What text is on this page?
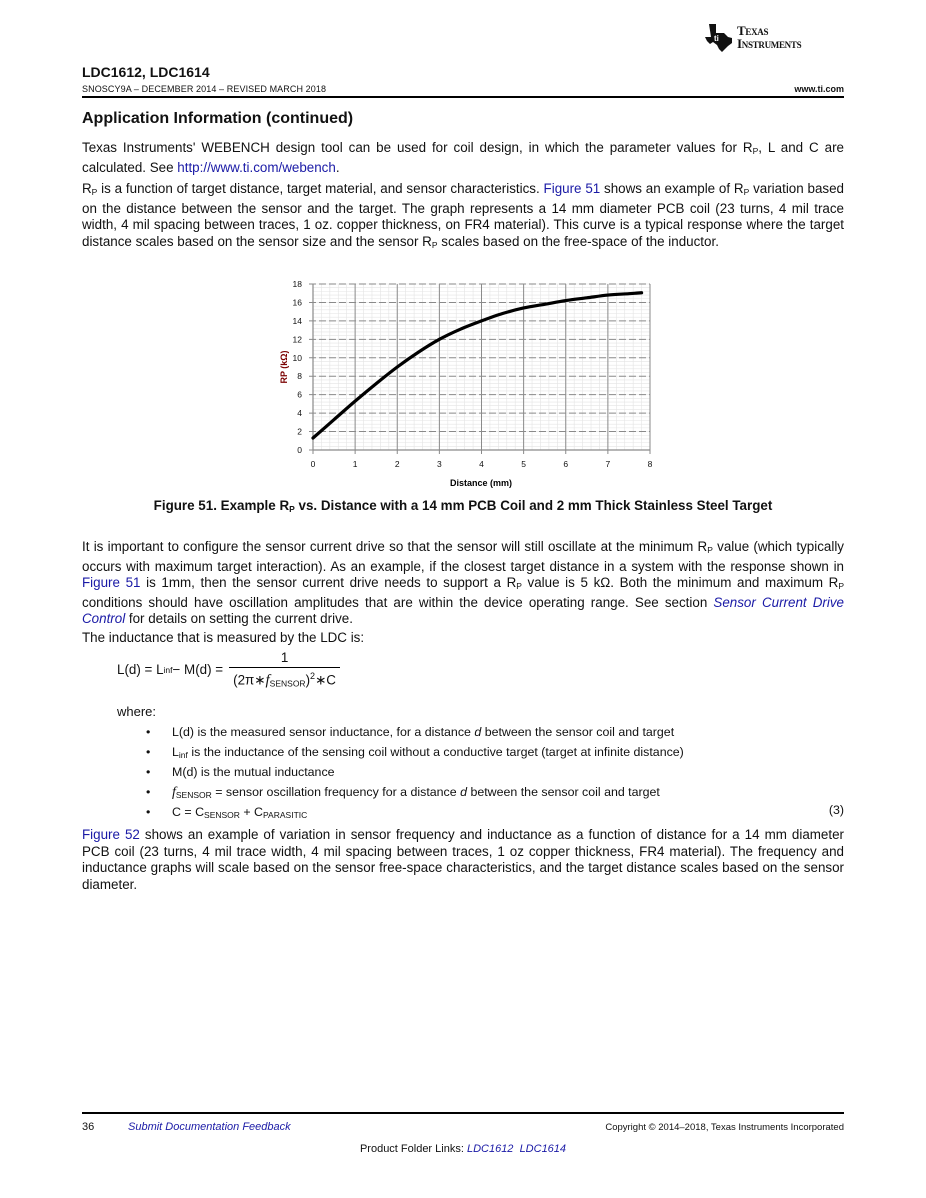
ti
Texas
Instruments
LDC1612, LDC1614
SNOSCY9A – DECEMBER 2014 – REVISED MARCH 2018	www.ti.com
Application Information (continued)
Texas Instruments' WEBENCH design tool can be used for coil design, in which the parameter values for $R_P$, L and C are calculated. See http://www.ti.com/webench.
$R_P$ is a function of target distance, target material, and sensor characteristics. Figure 51 shows an example of $R_P$ variation based on the distance between the sensor and the target. The graph represents a 14 mm diameter PCB coil (23 turns, 4 mil trace width, 4 mil spacing between traces, 1 oz. copper thickness, on FR4 material). This curve is a typical response where the target distance scales based on the sensor size and the sensor $R_P$ scales based on the free-space of the inductor.
0	1	2	3	4	5	6	7	8
0
2
4
6
8
10
12
14
16
18
Distance (mm)
RP (kΩ)
Figure 51. Example $R_P$ vs. Distance with a 14 mm PCB Coil and 2 mm Thick Stainless Steel Target
It is important to configure the sensor current drive so that the sensor will still oscillate at the minimum $R_P$ value (which typically occurs with maximum target interaction). As an example, if the closest target distance in a system with the response shown in Figure 51 is 1mm, then the sensor current drive needs to support a $R_P$ value is 5 kΩ. Both the minimum and maximum $R_P$ conditions should have oscillation amplitudes that are within the device operating range. See section Sensor Current Drive Control for details on setting the current drive.
The inductance that is measured by the LDC is:
L(d) = L inf − $M(d) = \frac{1}{(2\pi∗f_{SENSOR})^2∗C}$
where:
• L(d) is the measured sensor inductance, for a distance d between the sensor coil and target
• $L_{inf}$ is the inductance of the sensing coil without a conductive target (target at infinite distance)
• M(d) is the mutual inductance
• $f_{SENSOR}$ = sensor oscillation frequency for a distance d between the sensor coil and target
• $C = C_{SENSOR} + C_{PARASITIC}$	(3)
Figure 52 shows an example of variation in sensor frequency and inductance as a function of distance for a 14 mm diameter PCB coil (23 turns, 4 mil trace width, 4 mil spacing between traces, 1 oz copper thickness, FR4 material). The frequency and inductance graphs will scale based on the sensor free-space characteristics, and the target distance scales based on the sensor diameter.
36	Submit Documentation Feedback	Copyright © 2014–2018, Texas Instruments Incorporated
Product Folder Links: LDC1612 LDC1614
